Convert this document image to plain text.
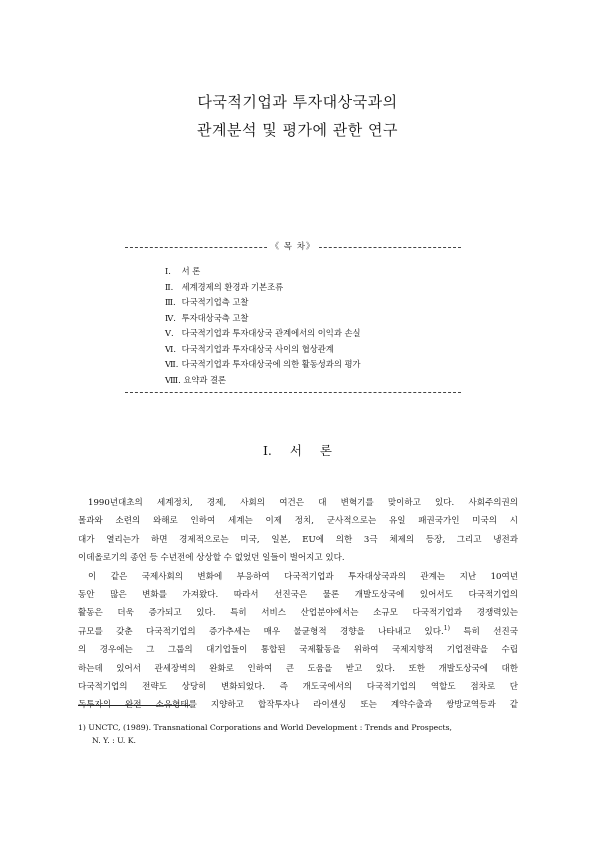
다국적기업과 투자대상국과의
관계분석 및 평가에 관한 연구
《 목 차》
Ⅰ. 서 론
Ⅱ. 세계경제의 환경과 기본조류
Ⅲ. 다국적기업측 고찰
Ⅳ. 투자대상국측 고찰
Ⅴ. 다국적기업과 투자대상국 관계에서의 이익과 손실
Ⅵ. 다국적기업과 투자대상국 사이의 협상관계
Ⅶ. 다국적기업과 투자대상국에 의한 활동성과의 평가
Ⅷ. 요약과 결론
Ⅰ. 서 론
1990년대초의 세계정치, 경제, 사회의 여건은 대 변혁기를 맞이하고 있다. 사회주의권의
몰과와 소련의 와해로 인하여 세계는 이제 정치, 군사적으로는 유일 패권국가인 미국의 시
대가 열리는가 하면 경제적으로는 미국, 일본, EU에 의한 3극 체제의 등장, 그리고 냉전과
이데올로기의 종언 등 수년전에 상상할 수 없었던 일들이 벌어지고 있다.
이 같은 국제사회의 변화에 부응하여 다국적기업과 투자대상국과의 관계는 지난 10여년
동안 많은 변화를 가져왔다. 따라서 선진국은 물론 개발도상국에 있어서도 다국적기업의
활동은 더욱 증가되고 있다. 특히 서비스 산업분야에서는 소규모 다국적기업과 경쟁력있는
규모를 갖춘 다국적기업의 증가추세는 매우 불균형적 경향을 나타내고 있다.$^{1)}$ 특히 선진국
의 경우에는 그 그룹의 대기업들이 통합된 국제활동을 위하여 국제지향적 기업전략을 수립
하는데 있어서 관세장벽의 완화로 인하여 큰 도움을 받고 있다. 또한 개발도상국에 대한
다국적기업의 전략도 상당히 변화되었다. 즉 개도국에서의 다국적기업의 역할도 점차로 단
독투자의 완전 소유형태를 지양하고 합작투자나 라이센싱 또는 계약수출과 쌍방교역등과 같
1) UNCTC, (1989). Transnational Corporations and World Development : Trends and Prospects,
N. Y. : U. K.
